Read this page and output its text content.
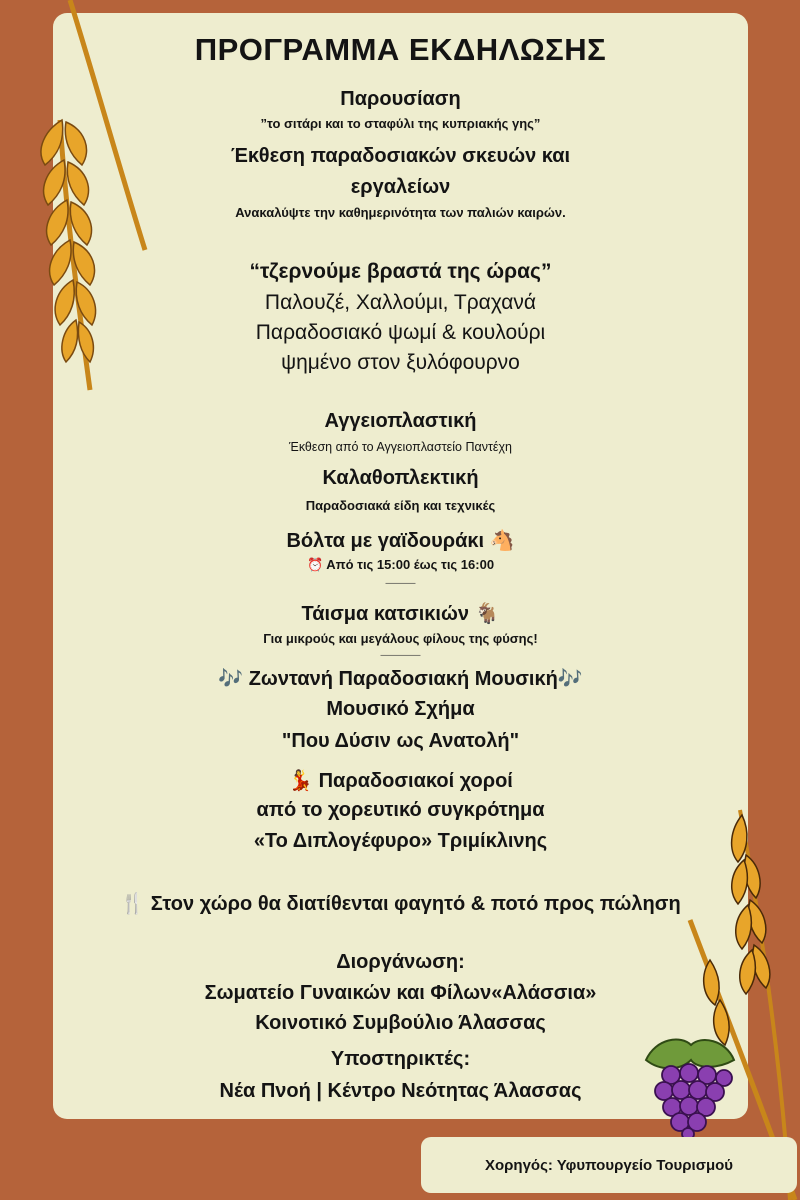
ΠΡΟΓΡΑΜΜΑ ΕΚΔΗΛΩΣΗΣ
Παρουσίαση
”το σιτάρι και το σταφύλι της κυπριακής γης”
Έκθεση παραδοσιακών σκευών και
εργαλείων
Ανακαλύψτε την καθημερινότητα των παλιών καιρών.
“τζερνούμε βραστά της ώρας”
Παλουζέ, Χαλλούμι, Τραχανά
Παραδοσιακό ψωμί & κουλούρι
ψημένο στον ξυλόφουρνο
Αγγειοπλαστική
Έκθεση από το Αγγειοπλαστείο Παντέχη
Καλαθοπλεκτική
Παραδοσιακά είδη και τεχνικές
Βόλτα με γαϊδουράκι 🐴
⏰ Από τις 15:00 έως τις 16:00
———
Τάισμα κατσικιών 🐐
Για μικρούς και μεγάλους φίλους της φύσης!
————
🎶 Ζωντανή Παραδοσιακή Μουσική🎶
Μουσικό Σχήμα
"Που Δύσιν ως Ανατολή"
💃 Παραδοσιακοί χοροί
από το χορευτικό συγκρότημα
«Το Διπλογέφυρο» Τριμίκλινης
🍴 Στον χώρο θα διατίθενται φαγητό & ποτό προς πώληση
Διοργάνωση:
Σωματείο Γυναικών και Φίλων«Αλάσσια»
Κοινοτικό Συμβούλιο Άλασσας
Υποστηρικτές:
Νέα Πνοή | Κέντρο Νεότητας Άλασσας
Χορηγός: Υφυπουργείο Τουρισμού
